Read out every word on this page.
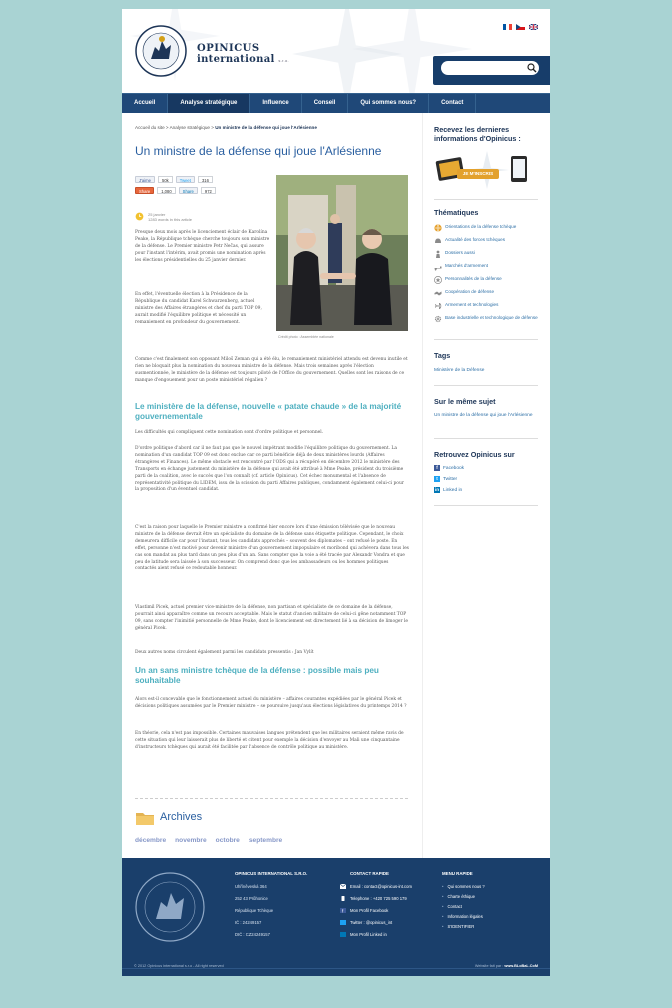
OPINICUS
international s.r.o.
Accueil	Analyse stratégique	Influence	Conseil	Qui sommes nous?	Contact
Accueil du site > Analyse stratégique > Un ministre de la défense qui joue l'Arlésienne
Un ministre de la défense qui joue l'Arlésienne
J'aime	50k	Tweet	316
Share	1,080	Share	972
25 janvier
1283 words in this article
Crédit photo : Assemblée nationale

Presque deux mois après le licenciement éclair de Karolína Peake, la République tchèque cherche toujours son ministre de la défense. Le Premier ministre Petr Nečas, qui assure pour l'instant l'intérim, avait promis une nomination après les élections présidentielles du 25 janvier dernier.

En effet, l'éventuelle élection à la Présidence de la République du candidat Karel Schwarzenberg, actuel ministre des Affaires étrangères et chef du parti TOP 09, aurait modifié l'équilibre politique et nécessité un remaniement en profondeur du gouvernement.

Comme c'est finalement son opposant Miloš Zeman qui a été élu, le remaniement ministériel attendu est devenu inutile et rien ne bloquait plus la nomination du nouveau ministre de la défense. Mais trois semaines après l'élection susmentionnée, le ministère de la défense est toujours piloté de l'Office du gouvernement. Quelles sont les raisons de ce manque d'engouement pour un poste ministériel régalien ?

Le ministère de la défense, nouvelle « patate chaude » de la majorité gouvernementale

Les difficultés qui compliquent cette nomination sont d'ordre politique et personnel.

D'ordre politique d'abord car il ne faut pas que le nouvel impétrant modifie l'équilibre politique du gouvernement. La nomination d'un candidat TOP 09 est donc exclue car ce parti bénéficie déjà de deux ministères lourds (Affaires étrangères et Finances). Le même obstacle est rencontré par l'ODS qui a récupéré en décembre 2012 le ministère des Transports en échange justement du ministère de la défense qui avait été attribué à Mme Peake, président du troisième parti de la coalition, avec le succès que l'on connaît (cf. article Opinicus). Cet échec monumental et l'absence de représentativité politique du LIDEM, issu de la scission du parti Affaires publiques, condamnent également celui-ci pour la proposition d'un éventuel candidat.

C'est la raison pour laquelle le Premier ministre a confirmé hier encore lors d'une émission télévisée que le nouveau ministre de la défense devrait être un spécialiste du domaine de la défense sans étiquette politique. Cependant, le choix demeurera difficile car pour l'instant, tous les candidats approchés – souvent des diplomates – ont refusé le poste. En effet, personne n'est motivé pour devenir ministre d'un gouvernement impopulaire et moribond qui achèvera dans tous les cas son mandat au plus tard dans un peu plus d'un an. Sans compter que la voie a été tracée par Alexandr Vondra et que peu de latitude sera laissée à son successeur. On comprend donc que les ambassadeurs ou les hommes politiques contactés aient refusé ce redoutable honneur.

Vlastimil Picek, actuel premier vice-ministre de la défense, non partisan et spécialiste de ce domaine de la défense, pourrait ainsi apparaître comme un recours acceptable. Mais le statut d'ancien militaire de celui-ci gêne notamment TOP 09, sans compter l'inimitié personnelle de Mme Peake, dont le licenciement est directement lié à sa décision de limoger le général Picek.

Deux autres noms circulent également parmi les candidats pressentis : Jan Vylít

Un an sans ministre tchèque de la défense : possible mais peu souhaitable

Alors est-il concevable que le fonctionnement actuel du ministère – affaires courantes expédiées par le général Picek et décisions politiques assumées par le Premier ministre – se poursuive jusqu'aux élections législatives du printemps 2014 ?

En théorie, cela n'est pas impossible. Certaines mauvaises langues prétendent que les militaires seraient même ravis de cette situation qui leur laisserait plus de liberté et citent pour exemple la décision d'envoyer au Mali une cinquantaine d'instructeurs tchèques qui aurait été facilitée par l'absence de contrôle politique au ministère.

Archives
décembre novembre octobre septembre
Recevez les dernieres informations d'Opinicus :
JE M'INSCRIS
Thématiques
Orientations de la défense tchèque
Actualité des forces tchèques
Dossiers aussi
Marchés d'armement
Personnalités de la défense
Coopération de défense
Armement et technologies
Base industrielle et technologique de défense
Tags
Ministère de la Défense
Sur le même sujet
Un ministre de la défense qui joue l'Arlésienne
Retrouvez Opinicus sur
f	Facebook
t	Twitter
in Linked in
OPINICUS INTERNATIONAL S.R.O.
Uhříněveská 364
252 43 Průhonice
République Tchèque
IČ : 24249157
DIČ : CZ24249157
CONTACT RAPIDE
Email : contact@opinicus-int.com
Telephone : +420 725 590 179
f Mon Profil Facebook
Twitter : @opinicus_int
Mon Profil Linked in
MENU RAPIDE
• Qui sommes nous ?
• Charte éthique
• Contact
• Information légales
• S'IDENTIFIER
© 2012 Opinicus international s.r.o - All right reserved	Website fait par : www.BLoBaL.CoM
